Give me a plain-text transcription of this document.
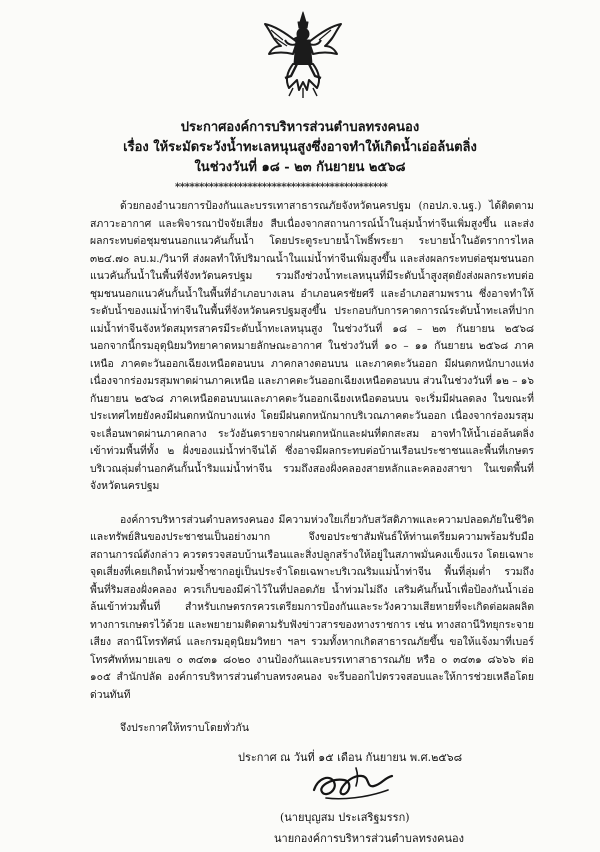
ประกาศองค์การบริหารส่วนตำบลทรงคนอง
เรื่อง ให้ระมัดระวังน้ำทะเลหนุนสูงซึ่งอาจทำให้เกิดน้ำเอ่อล้นตลิ่ง
ในช่วงวันที่ ๑๘ - ๒๓ กันยายน ๒๕๖๘
********************************************

ด้วยกองอำนวยการป้องกันและบรรเทาสาธารณภัยจังหวัดนครปฐม (กอปภ.จ.นฐ.) ได้ติดตามสภาวะอากาศ และพิจารณาปัจจัยเสี่ยง สืบเนื่องจากสถานการณ์น้ำในลุ่มน้ำท่าจีนเพิ่มสูงขึ้น และส่งผลกระทบต่อชุมชนนอกแนวคันกั้นน้ำ โดยประตูระบายน้ำโพธิ์พระยา ระบายน้ำในอัตราการไหล ๓๒๔.๗๐ ลบ.ม./วินาที ส่งผลทำให้ปริมาณน้ำในแม่น้ำท่าจีนเพิ่มสูงขึ้น และส่งผลกระทบต่อชุมชนนอกแนวคันกั้นน้ำในพื้นที่จังหวัดนครปฐม รวมถึงช่วงน้ำทะเลหนุนที่มีระดับน้ำสูงสุดยังส่งผลกระทบต่อชุมชนนอกแนวคันกั้นน้ำในพื้นที่อำเภอบางเลน อำเภอนครชัยศรี และอำเภอสามพราน ซึ่งอาจทำให้ระดับน้ำของแม่น้ำท่าจีนในพื้นที่จังหวัดนครปฐมสูงขึ้น ประกอบกับการคาดการณ์ระดับน้ำทะเลที่ปากแม่น้ำท่าจีนจังหวัดสมุทรสาครมีระดับน้ำทะเลหนุนสูง ในช่วงวันที่ ๑๘ – ๒๓ กันยายน ๒๕๖๘ นอกจากนี้กรมอุตุนิยมวิทยาคาดหมายลักษณะอากาศ ในช่วงวันที่ ๑๐ – ๑๑ กันยายน ๒๕๖๘ ภาคเหนือ ภาคตะวันออกเฉียงเหนือตอนบน ภาคกลางตอนบน และภาคตะวันออก มีฝนตกหนักบางแห่ง เนื่องจากร่องมรสุมพาดผ่านภาคเหนือ และภาคตะวันออกเฉียงเหนือตอนบน ส่วนในช่วงวันที่ ๑๒ – ๑๖ กันยายน ๒๕๖๘ ภาคเหนือตอนบนและภาคตะวันออกเฉียงเหนือตอนบน จะเริ่มมีฝนลดลง ในขณะที่ประเทศไทยยังคงมีฝนตกหนักบางแห่ง โดยมีฝนตกหนักมากบริเวณภาคตะวันออก เนื่องจากร่องมรสุม จะเลื่อนพาดผ่านภาคกลาง ระวังอันตรายจากฝนตกหนักและฝนที่ตกสะสม อาจทำให้น้ำเอ่อล้นตลิ่งเข้าท่วมพื้นที่ทั้ง ๒ ฝั่งของแม่น้ำท่าจีนได้ ซึ่งอาจมีผลกระทบต่อบ้านเรือนประชาชนและพื้นที่เกษตรบริเวณลุ่มต่ำนอกคันกั้นน้ำริมแม่น้ำท่าจีน รวมถึงสองฝั่งคลองสายหลักและคลองสาขา ในเขตพื้นที่จังหวัดนครปฐม

องค์การบริหารส่วนตำบลทรงคนอง มีความห่วงใยเกี่ยวกับสวัสดิภาพและความปลอดภัยในชีวิตและทรัพย์สินของประชาชนเป็นอย่างมาก จึงขอประชาสัมพันธ์ให้ท่านเตรียมความพร้อมรับมือสถานการณ์ดังกล่าว ควรตรวจสอบบ้านเรือนและสิ่งปลูกสร้างให้อยู่ในสภาพมั่นคงแข็งแรง โดยเฉพาะจุดเสี่ยงที่เคยเกิดน้ำท่วมซ้ำซากอยู่เป็นประจำโดยเฉพาะบริเวณริมแม่น้ำท่าจีน พื้นที่ลุ่มต่ำ รวมถึงพื้นที่ริมสองฝั่งคลอง ควรเก็บของมีค่าไว้ในที่ปลอดภัย น้ำท่วมไม่ถึง เสริมคันกั้นน้ำเพื่อป้องกันน้ำเอ่อล้นเข้าท่วมพื้นที่ สำหรับเกษตรกรควรเตรียมการป้องกันและระวังความเสียหายที่จะเกิดต่อผลผลิตทางการเกษตรไว้ด้วย และพยายามติดตามรับฟังข่าวสารของทางราชการ เช่น ทางสถานีวิทยุกระจายเสียง สถานีโทรทัศน์ และกรมอุตุนิยมวิทยา ฯลฯ รวมทั้งหากเกิดสาธารณภัยขึ้น ขอให้แจ้งมาที่เบอร์โทรศัพท์หมายเลข ๐ ๓๔๓๑ ๘๐๒๐ งานป้องกันและบรรเทาสาธารณภัย หรือ ๐ ๓๔๓๑ ๘๖๖๖ ต่อ ๑๐๕ สำนักปลัด องค์การบริหารส่วนตำบลทรงคนอง จะรีบออกไปตรวจสอบและให้การช่วยเหลือโดยด่วนทันที

จึงประกาศให้ทราบโดยทั่วกัน

ประกาศ ณ วันที่ ๑๕ เดือน กันยายน พ.ศ.๒๕๖๘
(นายบุญสม ประเสริฐมรรก)
นายกองค์การบริหารส่วนตำบลทรงคนอง
